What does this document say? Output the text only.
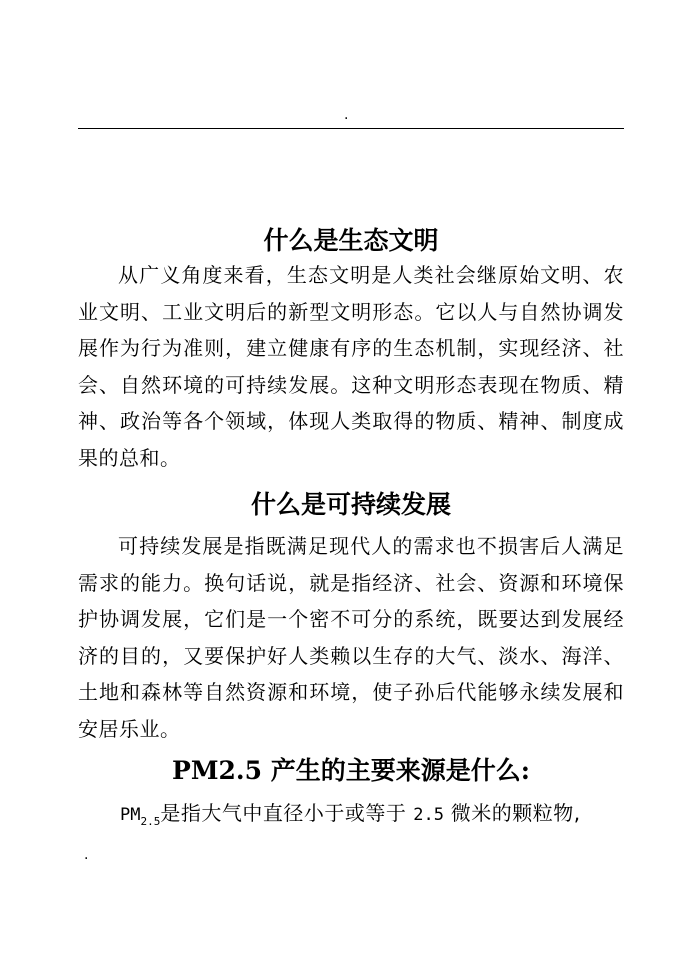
.
什么是生态文明

从广义角度来看，生态文明是人类社会继原始文明、农业文明、工业文明后的新型文明形态。它以人与自然协调发展作为行为准则，建立健康有序的生态机制，实现经济、社会、自然环境的可持续发展。这种文明形态表现在物质、精神、政治等各个领域，体现人类取得的物质、精神、制度成果的总和。

什么是可持续发展

可持续发展是指既满足现代人的需求也不损害后人满足需求的能力。换句话说，就是指经济、社会、资源和环境保护协调发展，它们是一个密不可分的系统，既要达到发展经济的目的，又要保护好人类赖以生存的大气、淡水、海洋、土地和森林等自然资源和环境，使子孙后代能够永续发展和安居乐业。

PM2.5 产生的主要来源是什么:

$PM_{2.5}$是指大气中直径小于或等于 2.5 微米的颗粒物,

.
